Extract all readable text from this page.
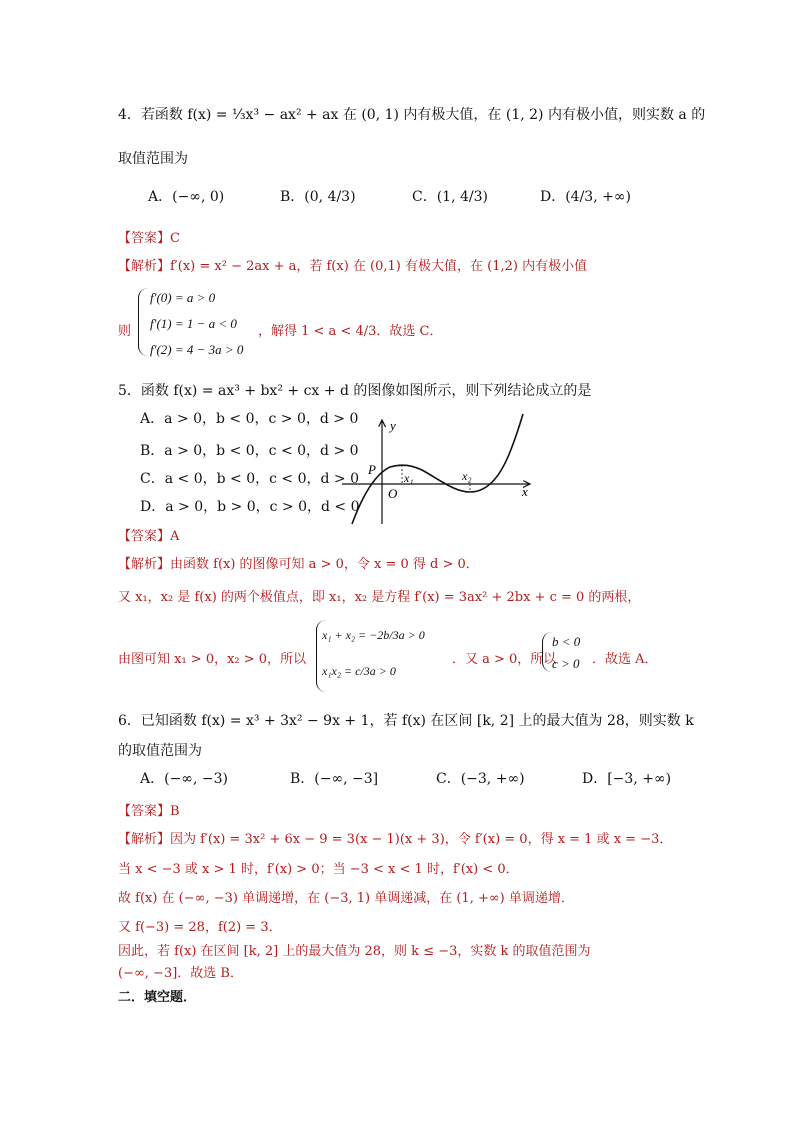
4．若函数 f(x) = ⅓x³ − ax² + ax 在 (0, 1) 内有极大值，在 (1, 2) 内有极小值，则实数 a 的
取值范围为
A．(−∞, 0)	B．(0, 4/3)	C．(1, 4/3)	D．(4/3, +∞)
【答案】C
【解析】f′(x) = x² − 2ax + a，若 f(x) 在 (0,1) 有极大值，在 (1,2) 内有极小值
则
f′(0) = a > 0
f′(1) = 1 − a < 0
f′(2) = 4 − 3a > 0
，解得 1 < a < 4/3．故选 C．
5．函数 f(x) = ax³ + bx² + cx + d 的图像如图所示，则下列结论成立的是
A．a > 0，b < 0，c > 0，d > 0
B．a > 0，b < 0，c < 0，d > 0
C．a < 0，b < 0，c < 0，d > 0
D．a > 0，b > 0，c > 0，d < 0
y
x
P
O
x₁	x₂
【答案】A
【解析】由函数 f(x) 的图像可知 a > 0，令 x = 0 得 d > 0．
又 x₁，x₂ 是 f(x) 的两个极值点，即 x₁，x₂ 是方程 f′(x) = 3ax² + 2bx + c = 0 的两根，
由图可知 x₁ > 0，x₂ > 0，所以
x₁ + x₂ = −2b/3a > 0
x₁x₂ = c/3a > 0
．又 a > 0，所以
b < 0
c > 0 ．故选 A．
6．已知函数 f(x) = x³ + 3x² − 9x + 1，若 f(x) 在区间 [k, 2] 上的最大值为 28，则实数 k
的取值范围为
A．(−∞, −3)	B．(−∞, −3]	C．(−3, +∞)	D．[−3, +∞)
【答案】B
【解析】因为 f′(x) = 3x² + 6x − 9 = 3(x − 1)(x + 3)，令 f′(x) = 0，得 x = 1 或 x = −3．
当 x < −3 或 x > 1 时，f′(x) > 0；当 −3 < x < 1 时，f′(x) < 0．
故 f(x) 在 (−∞, −3) 单调递增，在 (−3, 1) 单调递减，在 (1, +∞) 单调递增．
又 f(−3) = 28，f(2) = 3．
因此，若 f(x) 在区间 [k, 2] 上的最大值为 28，则 k ≤ −3，实数 k 的取值范围为
(−∞, −3]．故选 B．
二．填空题．
